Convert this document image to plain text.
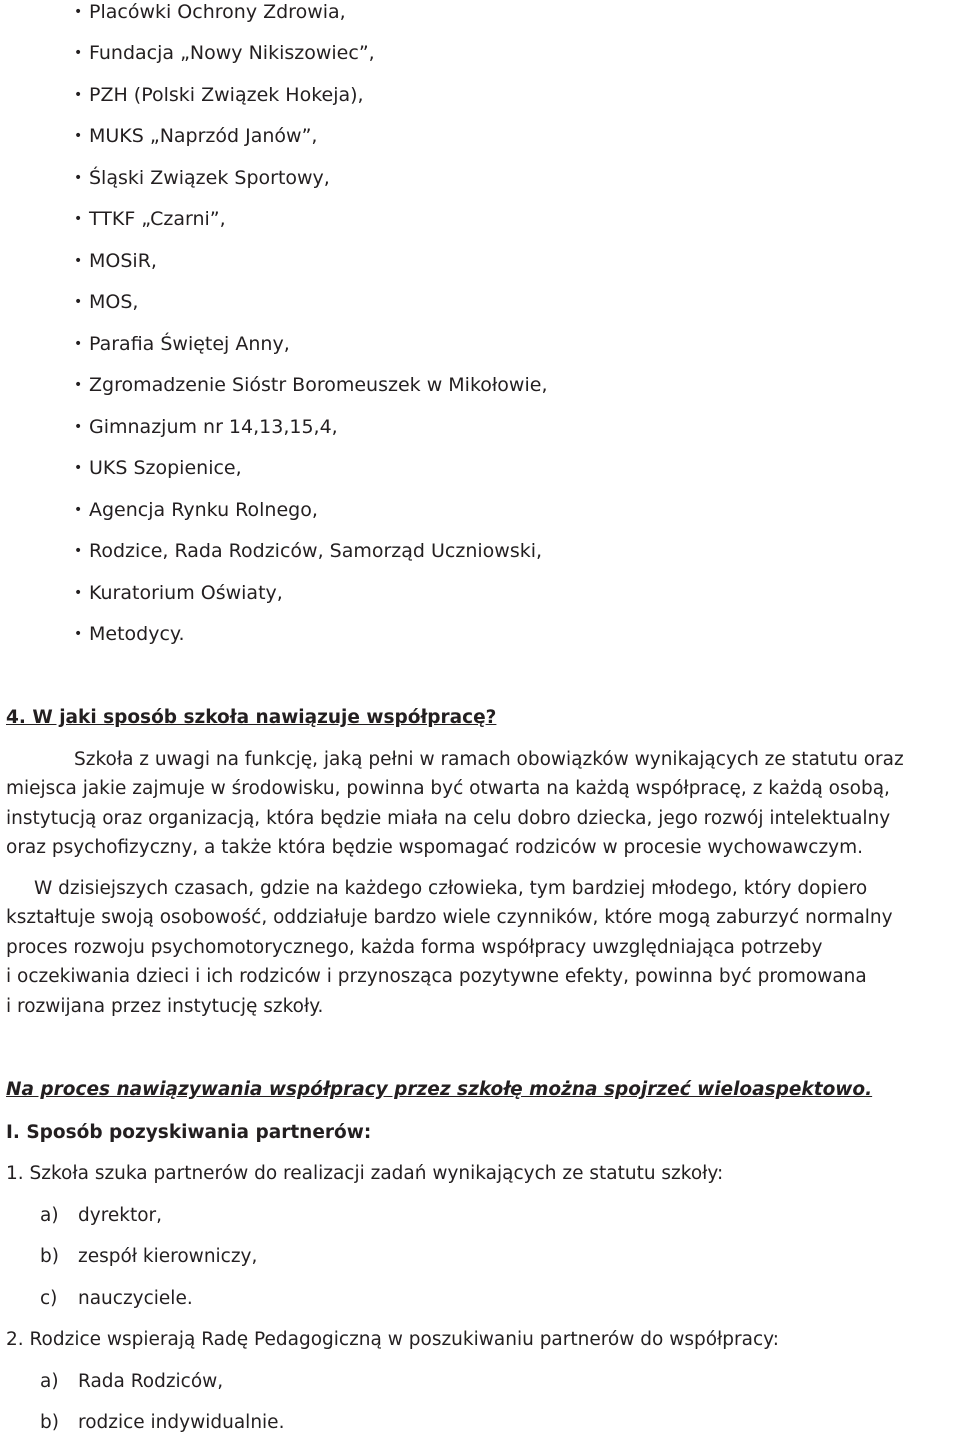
• Placówki Ochrony Zdrowia,
• Fundacja „Nowy Nikiszowiec”,
• PZH (Polski Związek Hokeja),
• MUKS „Naprzód Janów”,
• Śląski Związek Sportowy,
• TTKF „Czarni”,
• MOSiR,
• MOS,
• Parafia Świętej Anny,
• Zgromadzenie Sióstr Boromeuszek w Mikołowie,
• Gimnazjum nr 14,13,15,4,
• UKS Szopienice,
• Agencja Rynku Rolnego,
• Rodzice, Rada Rodziców, Samorząd Uczniowski,
• Kuratorium Oświaty,
• Metodycy.
4. W jaki sposób szkoła nawiązuje współpracę?
Szkoła z uwagi na funkcję, jaką pełni w ramach obowiązków wynikających ze statutu oraz
miejsca jakie zajmuje w środowisku, powinna być otwarta na każdą współpracę, z każdą osobą,
instytucją oraz organizacją, która będzie miała na celu dobro dziecka, jego rozwój intelektualny
oraz psychofizyczny, a także która będzie wspomagać rodziców w procesie wychowawczym.
W dzisiejszych czasach, gdzie na każdego człowieka, tym bardziej młodego, który dopiero
kształtuje swoją osobowość, oddziałuje bardzo wiele czynników, które mogą zaburzyć normalny
proces rozwoju psychomotorycznego, każda forma współpracy uwzględniająca potrzeby
i oczekiwania dzieci i ich rodziców i przynosząca pozytywne efekty, powinna być promowana
i rozwijana przez instytucję szkoły.
Na proces nawiązywania współpracy przez szkołę można spojrzeć wieloaspektowo.
I. Sposób pozyskiwania partnerów:
1. Szkoła szuka partnerów do realizacji zadań wynikających ze statutu szkoły:
a) dyrektor,
b) zespół kierowniczy,
c) nauczyciele.
2. Rodzice wspierają Radę Pedagogiczną w poszukiwaniu partnerów do współpracy:
a) Rada Rodziców,
b) rodzice indywidualnie.
